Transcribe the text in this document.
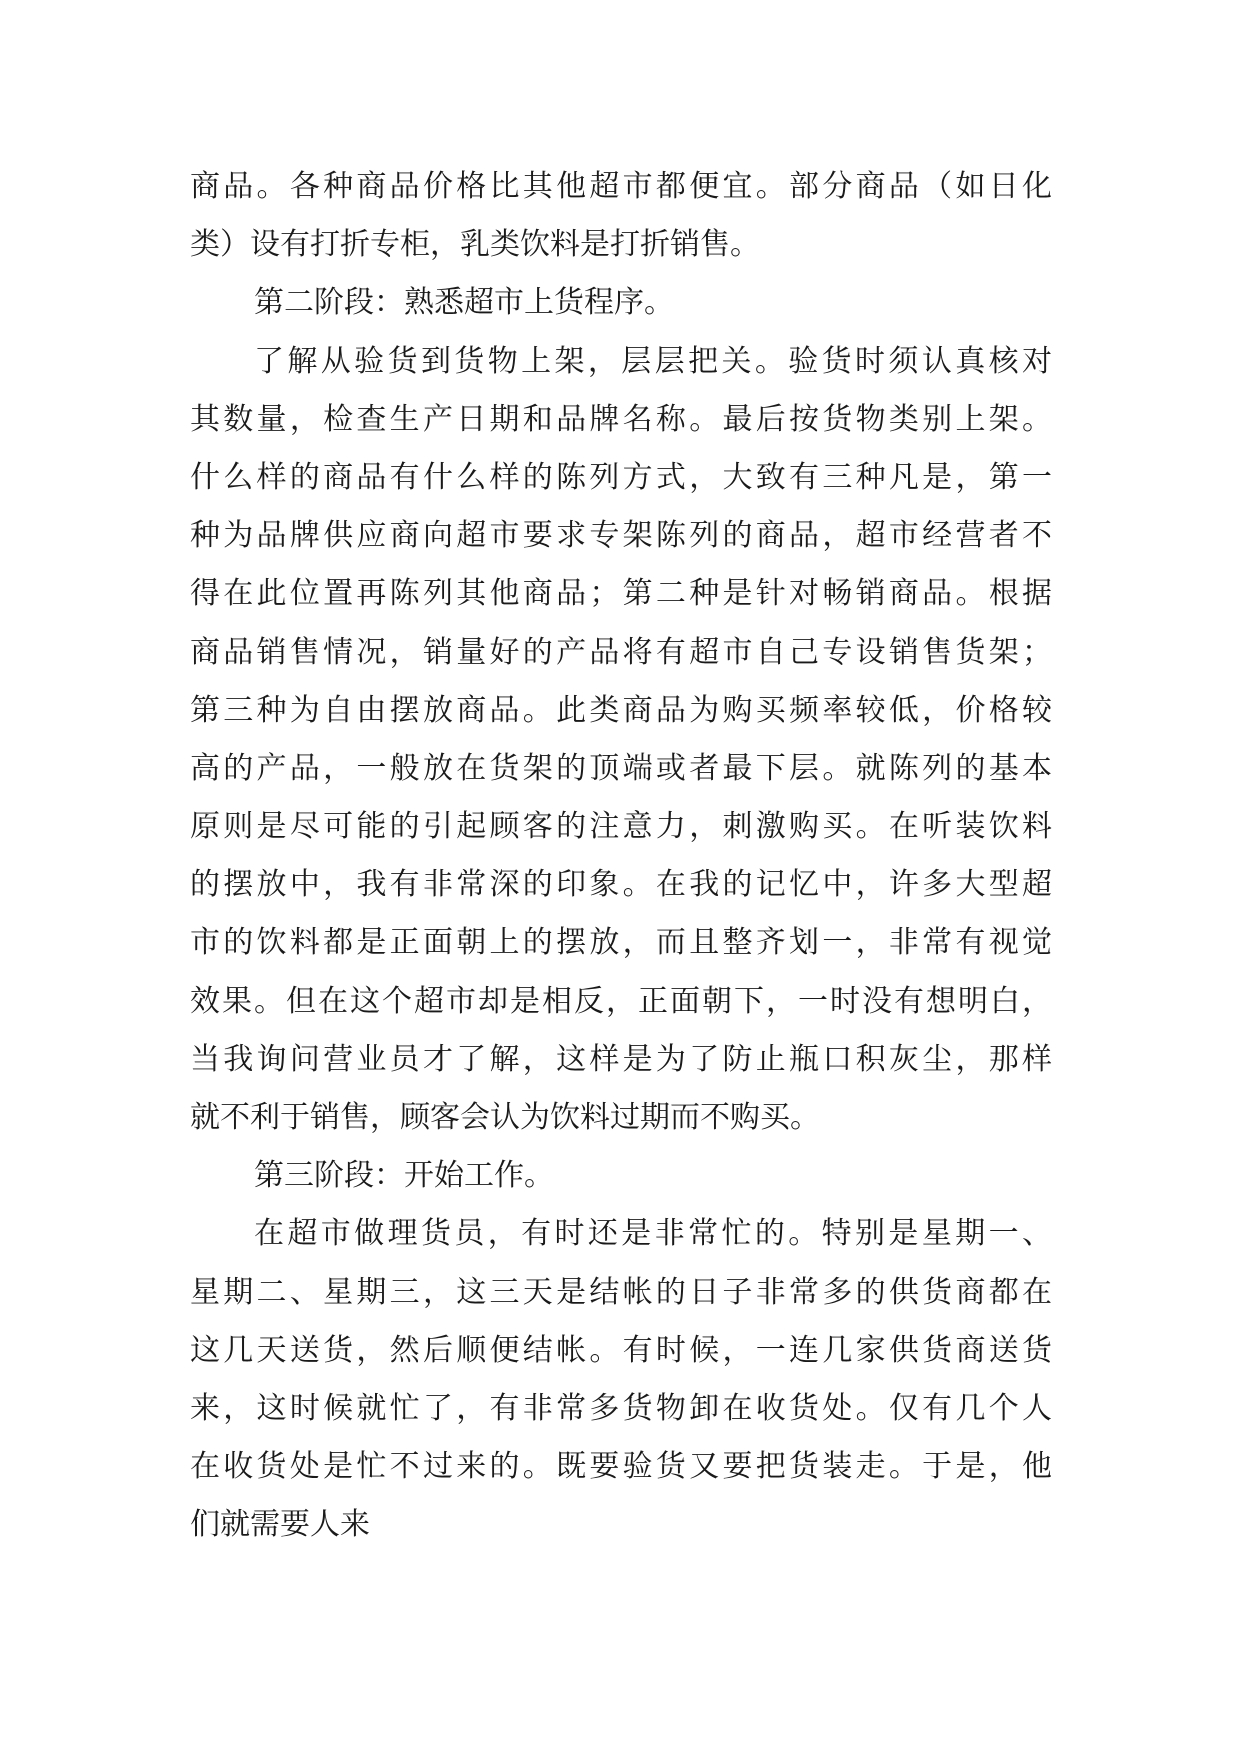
商品。各种商品价格比其他超市都便宜。部分商品（如日化
类）设有打折专柜，乳类饮料是打折销售。
第二阶段：熟悉超市上货程序。
了解从验货到货物上架，层层把关。验货时须认真核对
其数量，检查生产日期和品牌名称。最后按货物类别上架。
什么样的商品有什么样的陈列方式，大致有三种凡是，第一
种为品牌供应商向超市要求专架陈列的商品，超市经营者不
得在此位置再陈列其他商品；第二种是针对畅销商品。根据
商品销售情况，销量好的产品将有超市自己专设销售货架；
第三种为自由摆放商品。此类商品为购买频率较低，价格较
高的产品，一般放在货架的顶端或者最下层。就陈列的基本
原则是尽可能的引起顾客的注意力，刺激购买。在听装饮料
的摆放中，我有非常深的印象。在我的记忆中，许多大型超
市的饮料都是正面朝上的摆放，而且整齐划一，非常有视觉
效果。但在这个超市却是相反，正面朝下，一时没有想明白，
当我询问营业员才了解，这样是为了防止瓶口积灰尘，那样
就不利于销售，顾客会认为饮料过期而不购买。
第三阶段：开始工作。
在超市做理货员，有时还是非常忙的。特别是星期一、
星期二、星期三，这三天是结帐的日子非常多的供货商都在
这几天送货，然后顺便结帐。有时候，一连几家供货商送货
来，这时候就忙了，有非常多货物卸在收货处。仅有几个人
在收货处是忙不过来的。既要验货又要把货装走。于是，他
们就需要人来
